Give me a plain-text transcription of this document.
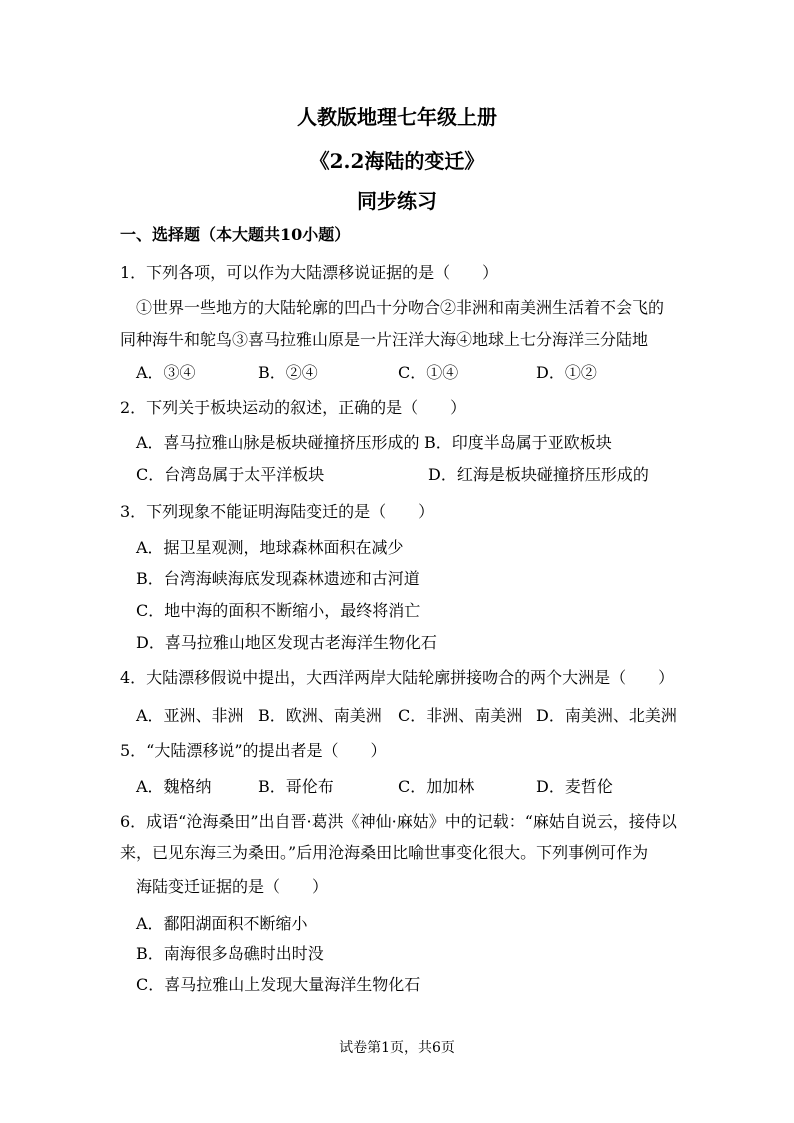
人教版地理七年级上册
《2.2海陆的变迁》
同步练习
一、选择题（本大题共10小题）
1．下列各项，可以作为大陆漂移说证据的是（　　）
　①世界一些地方的大陆轮廓的凹凸十分吻合②非洲和南美洲生活着不会飞的
同种海牛和鸵鸟③喜马拉雅山原是一片汪洋大海④地球上七分海洋三分陆地
A．③④	B．②④	C．①④	D．①②
2．下列关于板块运动的叙述，正确的是（　　）
A．喜马拉雅山脉是板块碰撞挤压形成的 B．印度半岛属于亚欧板块
C．台湾岛属于太平洋板块	D．红海是板块碰撞挤压形成的
3．下列现象不能证明海陆变迁的是（　　）
A．据卫星观测，地球森林面积在减少
B．台湾海峡海底发现森林遗迹和古河道
C．地中海的面积不断缩小，最终将消亡
D．喜马拉雅山地区发现古老海洋生物化石
4．大陆漂移假说中提出，大西洋两岸大陆轮廓拼接吻合的两个大洲是（　　）
A．亚洲、非洲 B．欧洲、南美洲 C．非洲、南美洲 D．南美洲、北美洲
5．“大陆漂移说”的提出者是（　　）
A．魏格纳	B．哥伦布	C．加加林	D．麦哲伦
6．成语“沧海桑田”出自晋·葛洪《神仙·麻姑》中的记载：“麻姑自说云，接侍以
来，已见东海三为桑田。”后用沧海桑田比喻世事变化很大。下列事例可作为
海陆变迁证据的是（　　）
A．鄱阳湖面积不断缩小
B．南海很多岛礁时出时没
C．喜马拉雅山上发现大量海洋生物化石
试卷第1页，共6页
